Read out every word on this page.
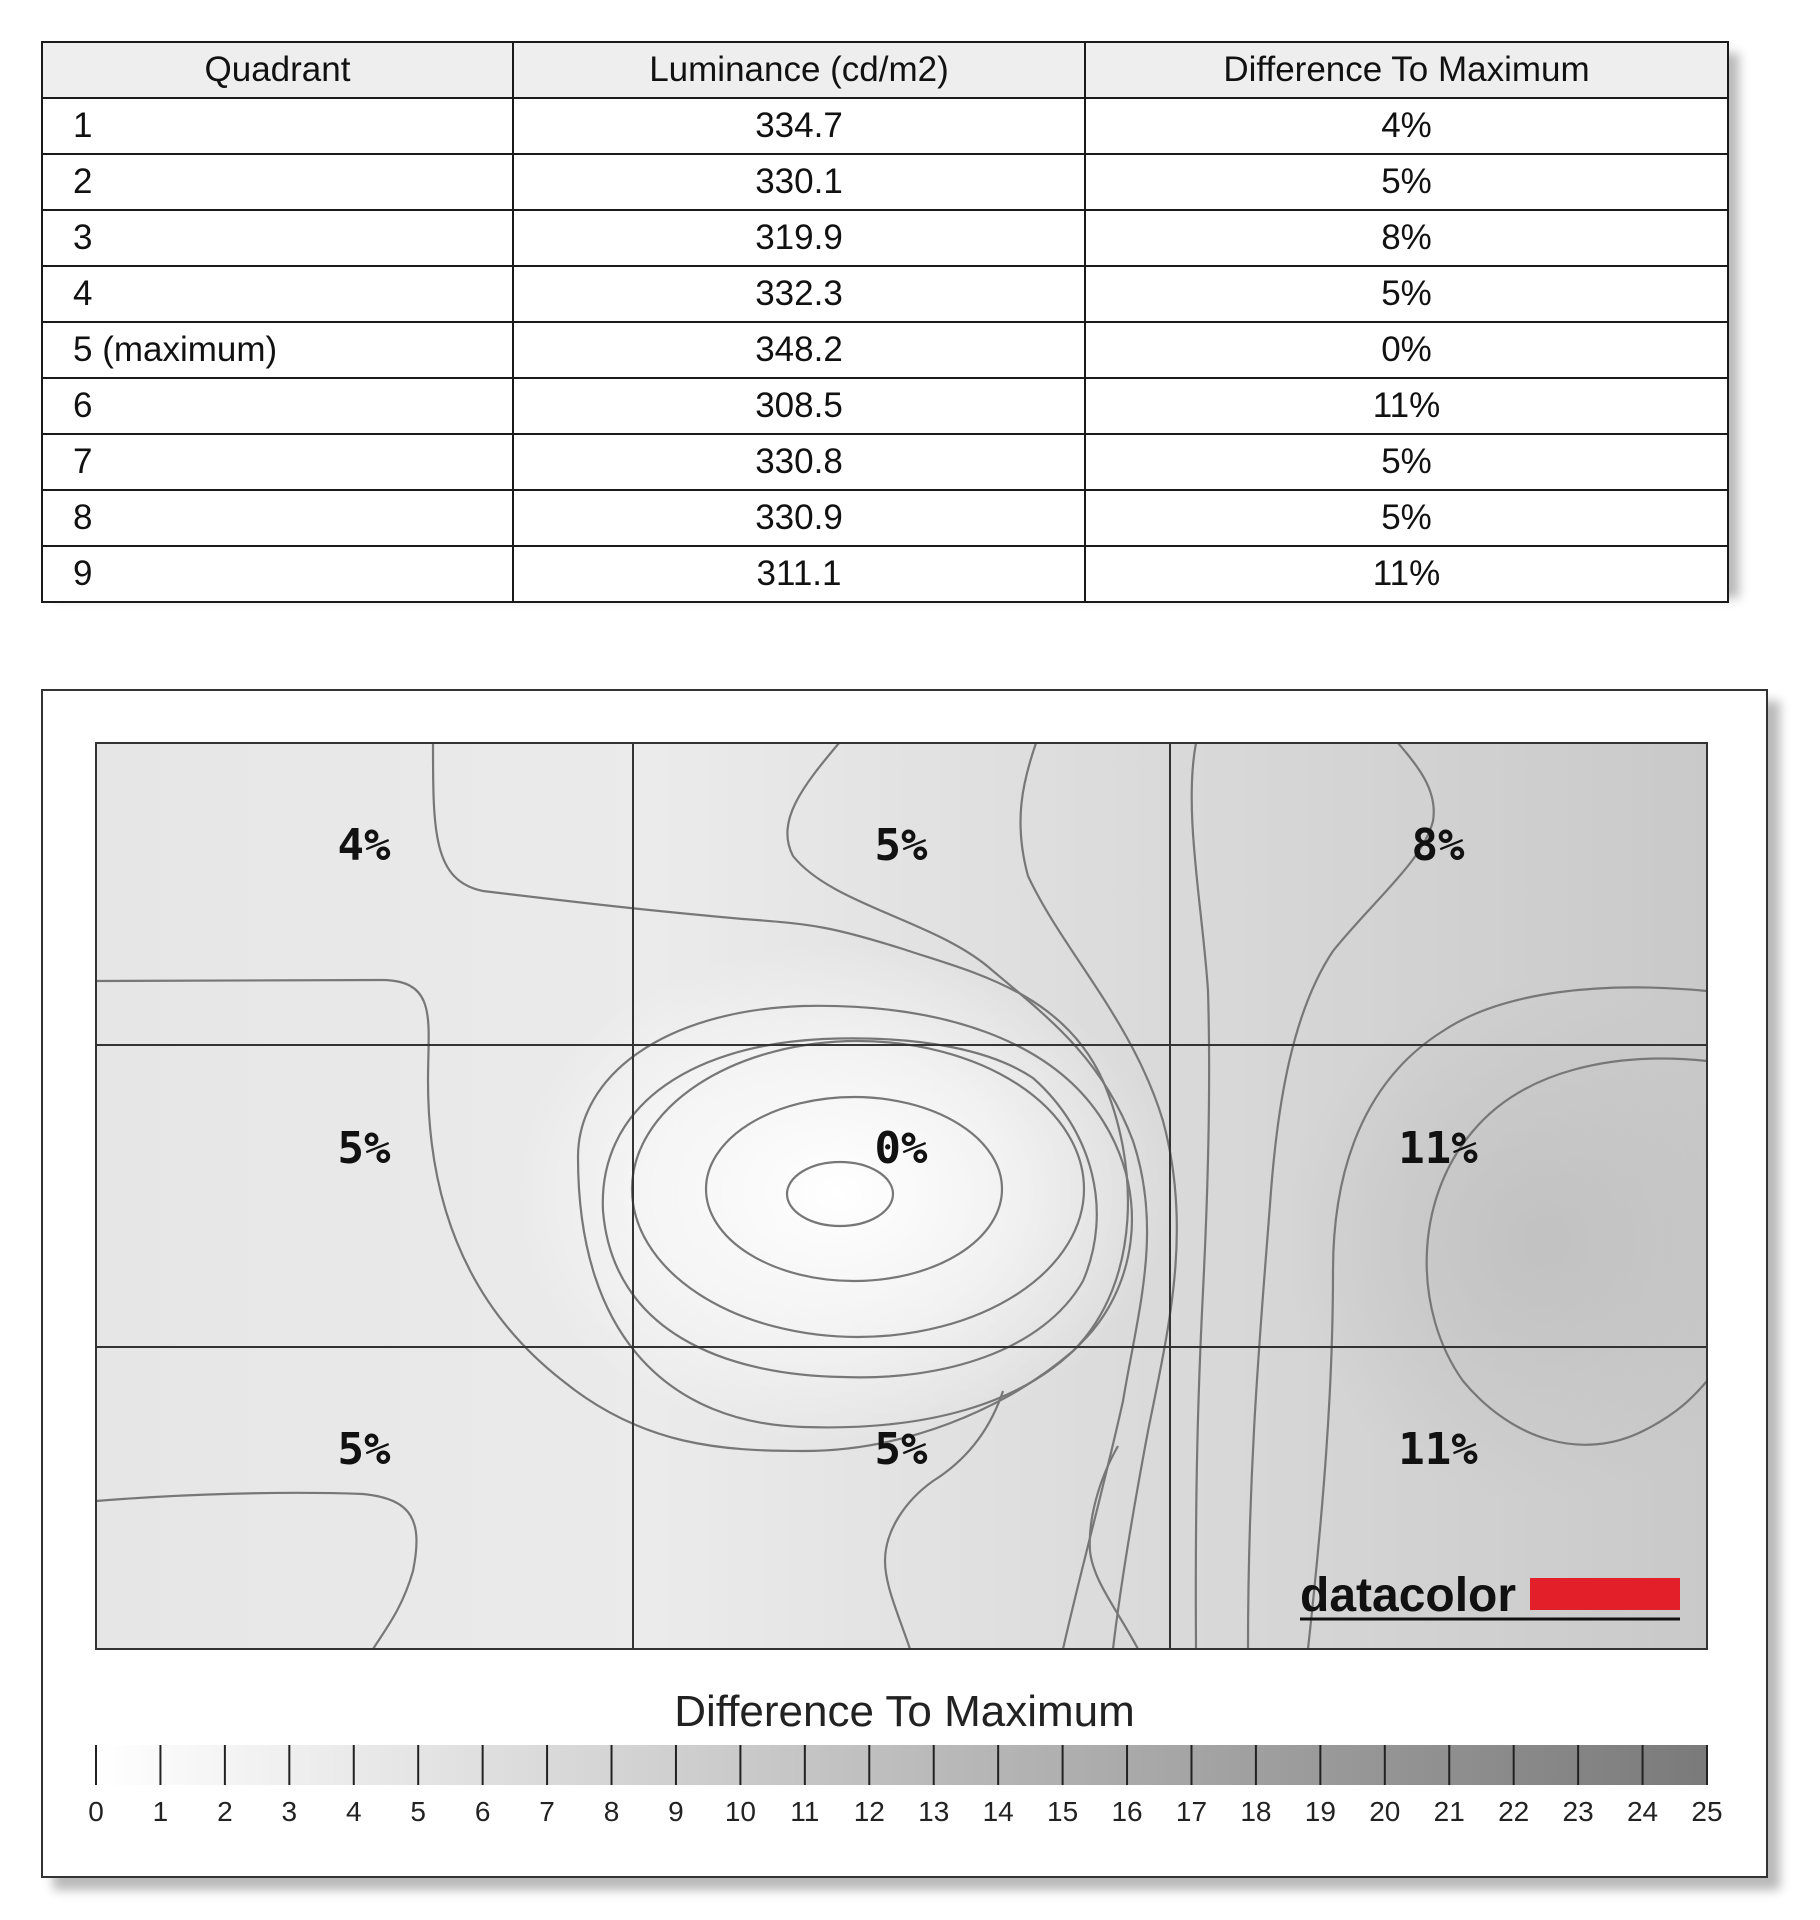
Quadrant	Luminance (cd/m2)	Difference To Maximum
1	334.7	4%
2	330.1	5%
3	319.9	8%
4	332.3	5%
5 (maximum)	348.2	0%
6	308.5	11%
7	330.8	5%
8	330.9	5%
9	311.1	11%
4%	5%	8%
5%	0%	11%
5%	5%	11%
datacolor
0 1 2 3 4 5 6 7 8 9 10 11 12 13 14 15 16 17 18 19 20 21 22 23 24 25
Difference To Maximum
